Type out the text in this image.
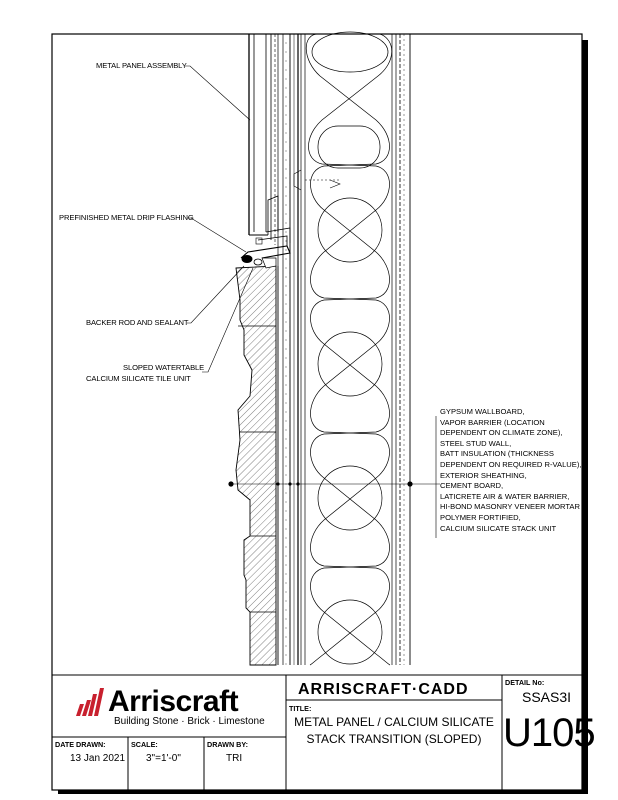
METAL PANEL ASSEMBLY
PREFINISHED METAL DRIP FLASHING
BACKER ROD AND SEALANT
SLOPED WATERTABLE
CALCIUM SILICATE TILE UNIT
GYPSUM WALLBOARD,
VAPOR BARRIER (LOCATION
DEPENDENT ON CLIMATE ZONE),
STEEL STUD WALL,
BATT INSULATION (THICKNESS
DEPENDENT ON REQUIRED R-VALUE),
EXTERIOR SHEATHING,
CEMENT BOARD,
LATICRETE AIR & WATER BARRIER,
HI-BOND MASONRY VENEER MORTAR -
POLYMER FORTIFIED,
CALCIUM SILICATE STACK UNIT
Arriscraft
Building Stone · Brick · Limestone
ARRISCRAFT·CADD
TITLE:
METAL PANEL / CALCIUM SILICATE
STACK TRANSITION (SLOPED)
DETAIL No:
SSAS3I
U105
DATE DRAWN:
13 Jan 2021
SCALE:
3"=1'-0"
DRAWN BY:
TRI
